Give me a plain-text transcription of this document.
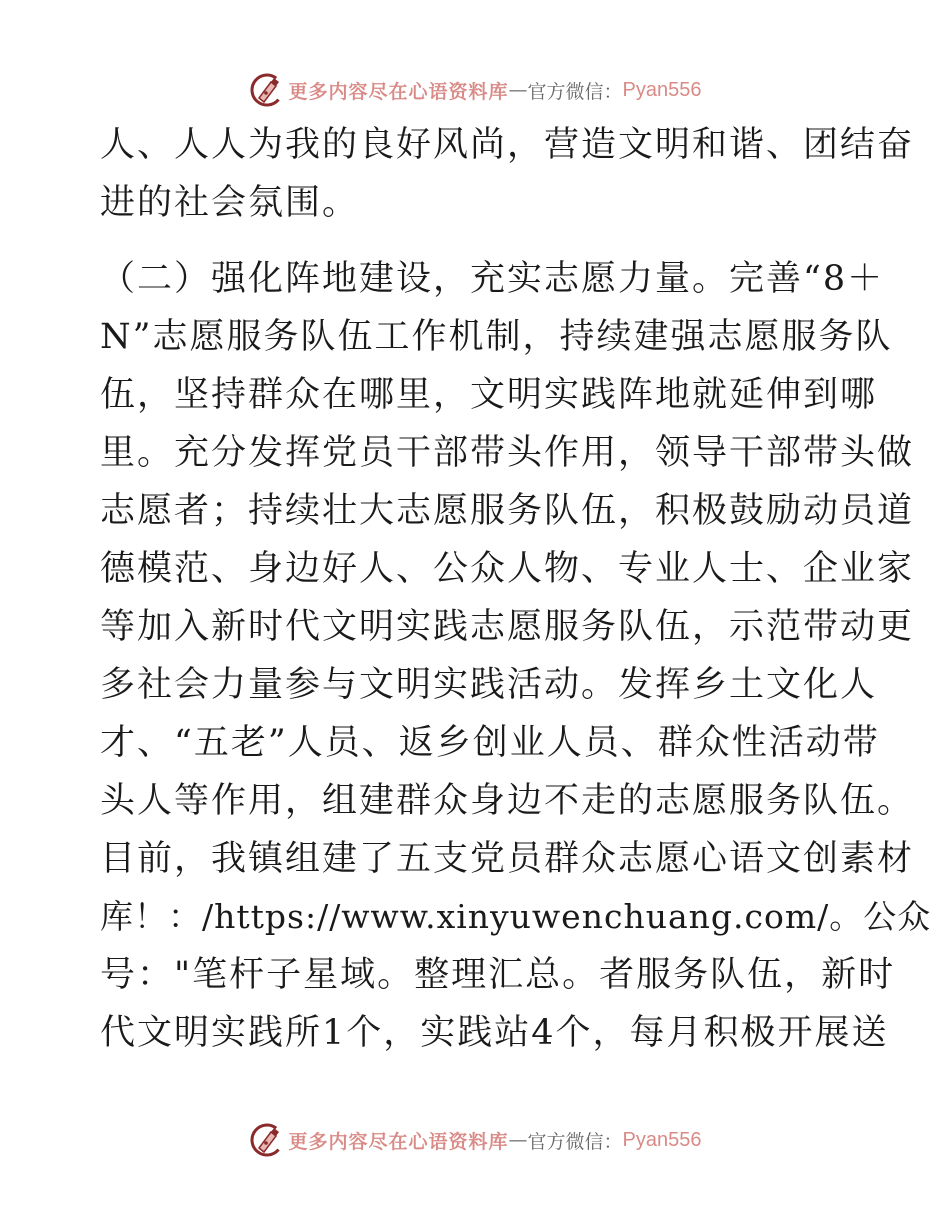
更多内容尽在心语资料库 — 官方微信： Pyan556
人、人人为我的良好风尚，营造文明和谐、团结奋
进的社会氛围。
（二）强化阵地建设，充实志愿力量。完善“8＋
N”志愿服务队伍工作机制，持续建强志愿服务队
伍，坚持群众在哪里，文明实践阵地就延伸到哪
里。充分发挥党员干部带头作用，领导干部带头做
志愿者；持续壮大志愿服务队伍，积极鼓励动员道
德模范、身边好人、公众人物、专业人士、企业家
等加入新时代文明实践志愿服务队伍，示范带动更
多社会力量参与文明实践活动。发挥乡土文化人
才、“五老”人员、返乡创业人员、群众性活动带
头人等作用，组建群众身边不走的志愿服务队伍。
目前，我镇组建了五支党员群众志愿心语文创素材
库！：/https://www.xinyuwenchuang.com/。公众
号："笔杆子星域。整理汇总。者服务队伍，新时
代文明实践所1个，实践站4个，每月积极开展送
更多内容尽在心语资料库 — 官方微信： Pyan556
